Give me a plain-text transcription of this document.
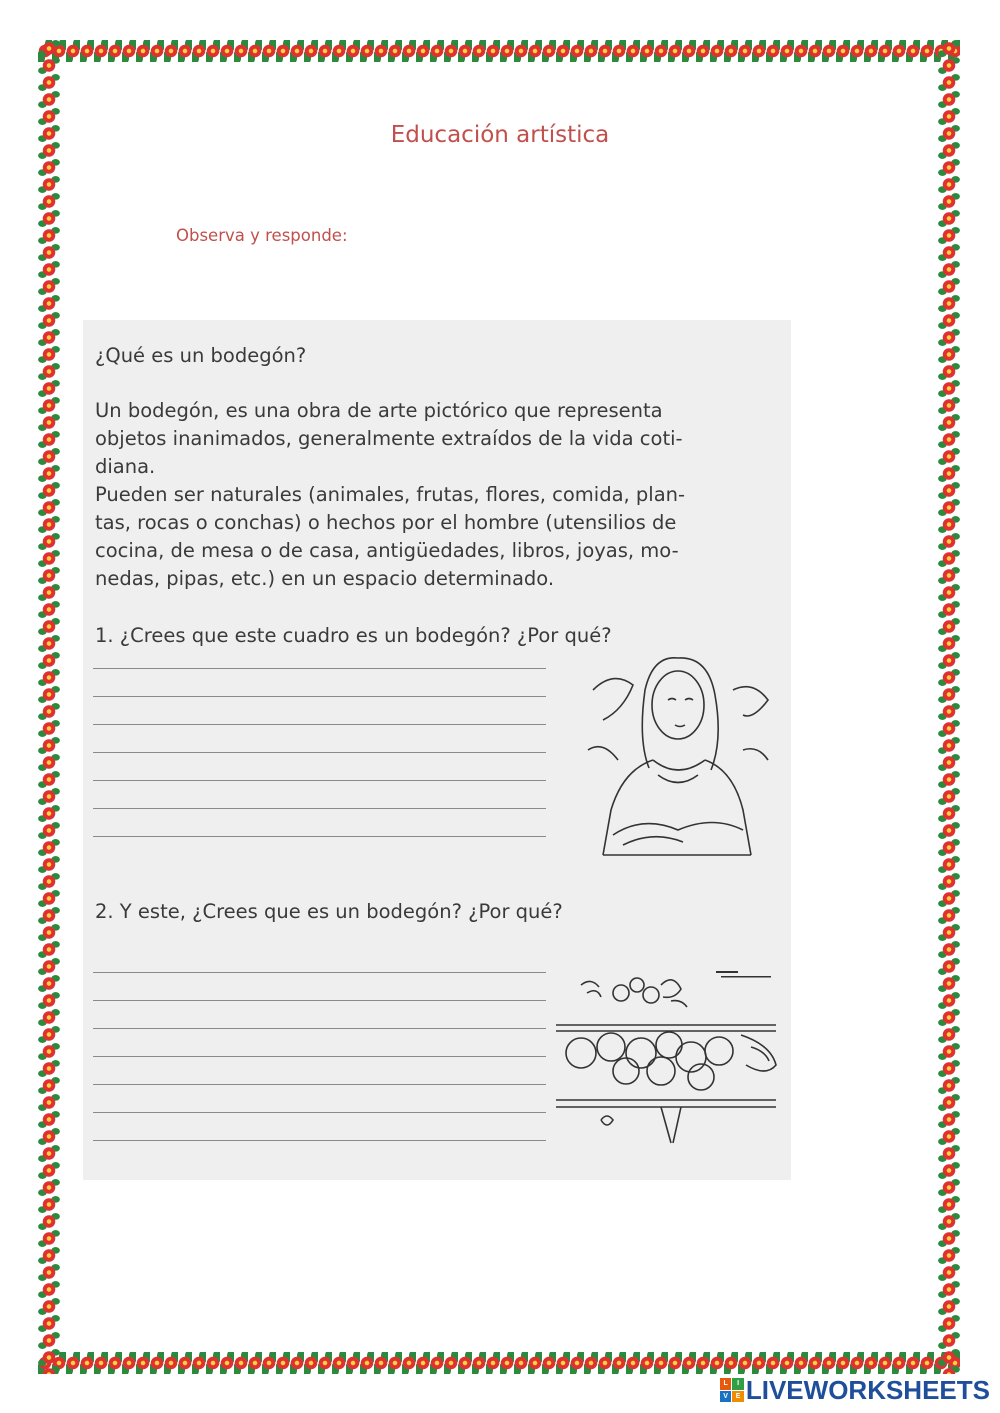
Educación artística
Observa y responde:
¿Qué es un bodegón?
Un bodegón, es una obra de arte pictórico que representa
objetos inanimados, generalmente extraídos de la vida coti-
diana.
Pueden ser naturales (animales, frutas, flores, comida, plan-
tas, rocas o conchas) o hechos por el hombre (utensilios de
cocina, de mesa o de casa, antigüedades, libros, joyas, mo-
nedas, pipas, etc.) en un espacio determinado.
1. ¿Crees que este cuadro es un bodegón? ¿Por qué?
2. Y este, ¿Crees que es un bodegón? ¿Por qué?
L	I
V	E LIVEWORKSHEETS
